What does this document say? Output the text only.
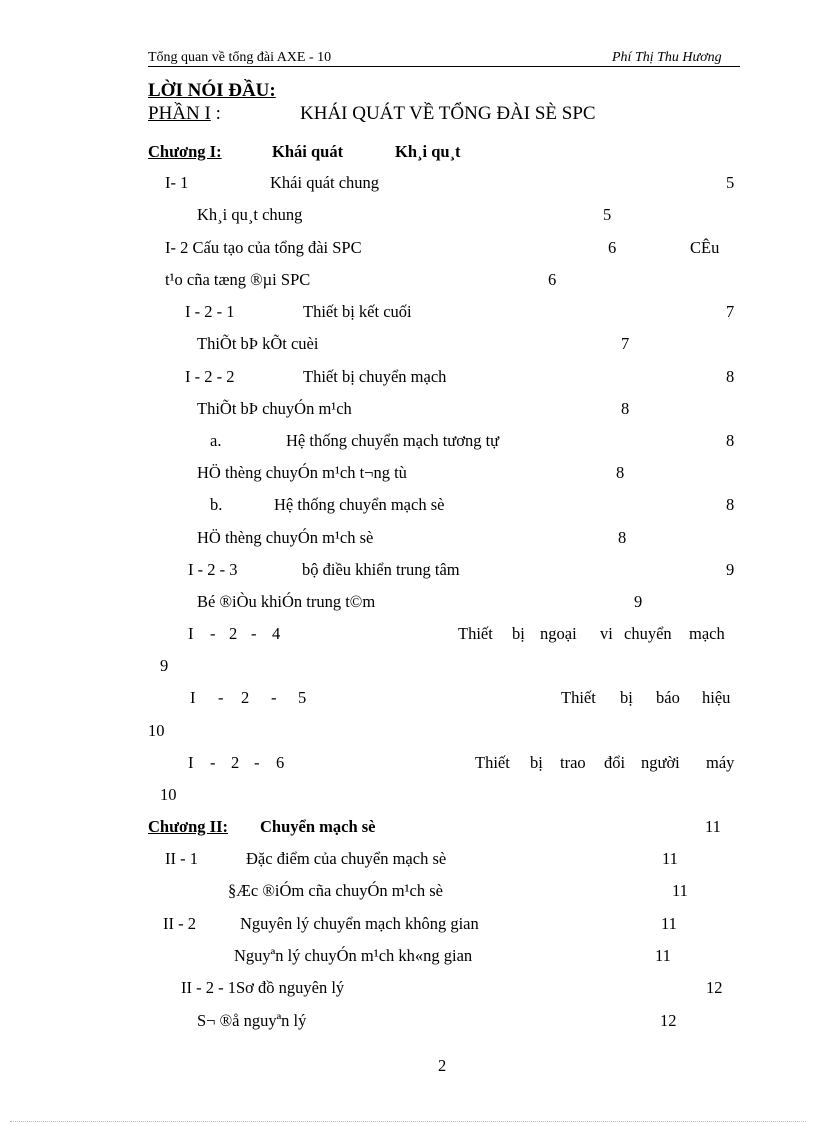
Tổng quan về tổng đài AXE - 10	Phí Thị Thu Hương
LỜI NÓI ĐẦU:
PHẦN I :	KHÁI QUÁT VỀ TỔNG ĐÀI SÈ SPC
Chương I:	Khái quát	Kh¸i qu¸t
I- 1	Khái quát chung	5
Kh¸i qu¸t chung	5
I- 2 Cấu tạo của tổng đài SPC	6	CÊu
t¹o cña tæng ®µi SPC	6
I - 2 - 1	Thiết bị kết cuối	7
ThiÕt bÞ kÕt cuèi	7
I - 2 - 2	Thiết bị chuyển mạch	8
ThiÕt bÞ chuyÓn m¹ch	8
a.	Hệ thống chuyển mạch tương tự	8
HÖ thèng chuyÓn m¹ch t¬ng tù	8
b.	Hệ thống chuyển mạch sè	8
HÖ thèng chuyÓn m¹ch sè	8
I - 2 - 3	bộ điều khiển trung tâm	9
Bé ®iÒu khiÓn trung t©m	9
I - 2 - 4	Thiết bị ngoại vi chuyển mạch
9
I - 2 - 5	Thiết bị báo hiệu
10
I - 2 - 6	Thiết bị trao đổi người máy
10
Chương II: Chuyển mạch sè	11
II - 1	Đặc điểm của chuyển mạch sè	11
§Æc ®iÓm cña chuyÓn m¹ch sè	11
II - 2	Nguyên lý chuyển mạch không gian	11
Nguyªn lý chuyÓn m¹ch kh«ng gian	11
II - 2 - 1Sơ đồ nguyên lý	12
S¬ ®å nguyªn lý	12
2
